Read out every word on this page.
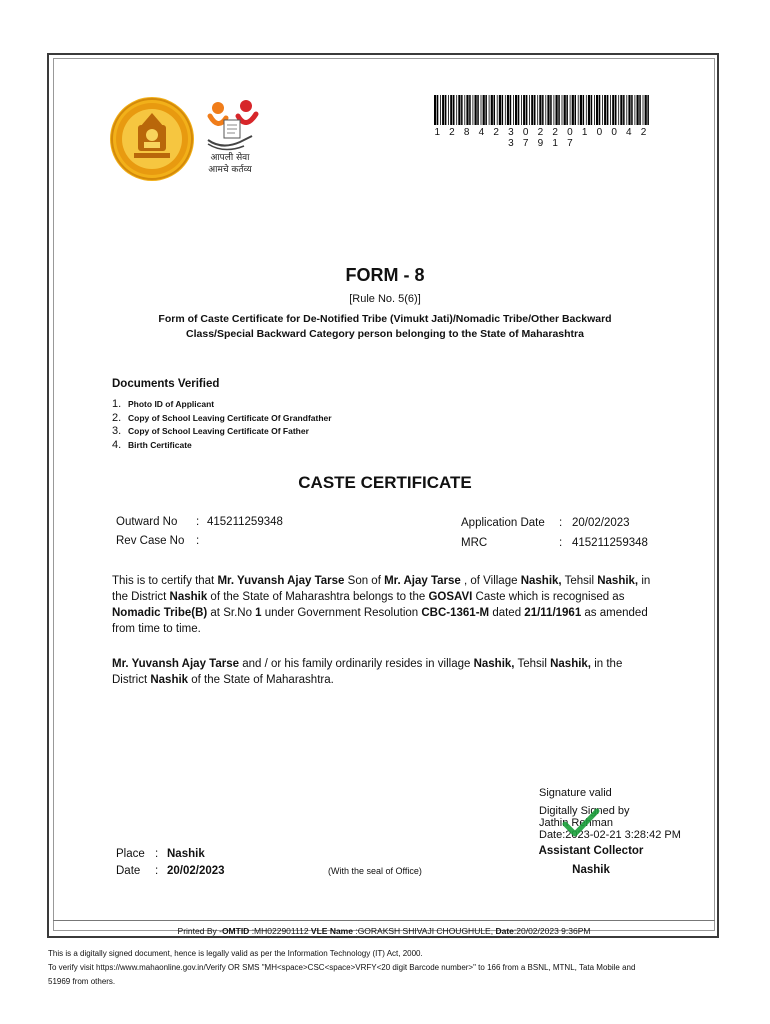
आपली सेवा
आमचे कर्तव्य
1 2 8 4 2 3 0 2 2 0 1 0 0 4 2 3 7 9 1 7
FORM - 8
[Rule No. 5(6)]
Form of Caste Certificate for De-Notified Tribe (Vimukt Jati)/Nomadic Tribe/Other Backward
Class/Special Backward Category person belonging to the State of Maharashtra
Documents Verified
1. Photo ID of Applicant
2. Copy of School Leaving Certificate Of Grandfather
3. Copy of School Leaving Certificate Of Father
4. Birth Certificate
CASTE CERTIFICATE
Outward No : 415211259348
Rev Case No :
Application Date : 20/02/2023
MRC	: 415211259348
This is to certify that Mr. Yuvansh Ajay Tarse Son of Mr. Ajay Tarse , of Village Nashik, Tehsil Nashik, in the District Nashik of the State of Maharashtra belongs to the GOSAVI Caste which is recognised as Nomadic Tribe(B) at Sr.No 1 under Government Resolution CBC-1361-M dated 21/11/1961 as amended from time to time.
Mr. Yuvansh Ajay Tarse and / or his family ordinarily resides in village Nashik, Tehsil Nashik, in the District Nashik of the State of Maharashtra.
Signature valid
Digitally Signed by
Jathin Rehman
Date:2023-02-21 3:28:42 PM
Assistant Collector
Nashik
Place : Nashik
Date : 20/02/2023	(With the seal of Office)
Printed By -OMTID :MH022901112 VLE Name :GORAKSH SHIVAJI CHOUGHULE, Date:20/02/2023 9:36PM
This is a digitally signed document, hence is legally valid as per the Information Technology (IT) Act, 2000.
To verify visit https://www.mahaonline.gov.in/Verify OR SMS "MH<space>CSC<space>VRFY<20 digit Barcode number>" to 166 from a BSNL, MTNL, Tata Mobile and
51969 from others.
